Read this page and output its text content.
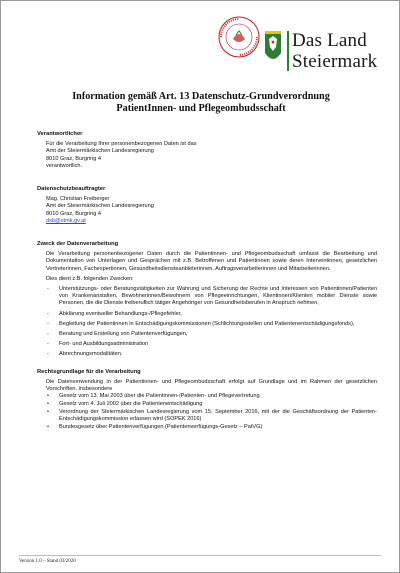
Das Land
Steiermark
Information gemäß Art. 13 Datenschutz-Grundverordnung
PatientInnen- und Pflegeombudsschaft
Verantwortlicher
Für die Verarbeitung Ihrer personenbezogenen Daten ist das
Amt der Steiermärkischen Landesregierung
8010 Graz, Burgring 4
verantwortlich.
Datenschutzbeauftragter
Mag. Christian Freiberger
Amt der Steiermärkischen Landesregierung
8010 Graz, Burgring 4
dsb@stmk.gv.at
Zweck der Datenverarbeitung
Die Verarbeitung personenbezogener Daten durch die Patientinnen- und Pflegeombudsschaft umfasst die Bearbeitung und Dokumentation von Unterlagen und Gesprächen mit z.B. Betroffenen und Patientinnen sowie deren Interventinnen, gesetzlichen Vertreterinnen, Fachexpertinnen, Gesundheitsdiensteanbieterinnen, Auftragsverarbeiterinnen und Mitarbeiterinnen.
Dies dient z.B. folgenden Zwecken:
- Unterstützungs- oder Beratungstätigkeiten zur Wahrung und Sicherung der Rechte und Interessen von Patientinnen/Patienten von Krankenanstalten, Bewohnerinnen/Bewohnern von Pflegeeinrichtungen, Klientinnen/Klienten mobiler Dienste sowie Personen, die die Dienste freiberuflich tätiger Angehöriger von Gesundheitsberufen in Anspruch nehmen,
- Abklärung eventueller Behandlungs-/Pflegefehler,
- Begleitung der Patientinnen in Entschädigungskommissionen (Schlichtungsstellen und Patientenentschädigungsfonds),
- Beratung und Erstellung von Patientenverfügungen,
- Fort- und Ausbildungsadministration
- Abrechnungsmodalitäten.
Rechtsgrundlage für die Verarbeitung
Die Datenverwendung in der Patientinnen- und Pflegeombudsschaft erfolgt auf Grundlage und im Rahmen der gesetzlichen Vorschriften, insbesondere
• Gesetz vom 13. Mai 2003 über die Patientinnen-/Patienten- und Pflegevertretung
• Gesetz vom 4. Juli 2002 über die Patientenentschädigung
• Verordnung der Steiermärkischen Landesregierung vom 15. September 2016, mit der die Geschäftsordnung der Patienten-Entschädigungskommission erlassen wird (SOPEK 2016)
• Bundesgesetz über Patientenverfügungen (Patientenverfügungs-Gesetz – PatVG)
Version 1.0 – Stand 03/2020
